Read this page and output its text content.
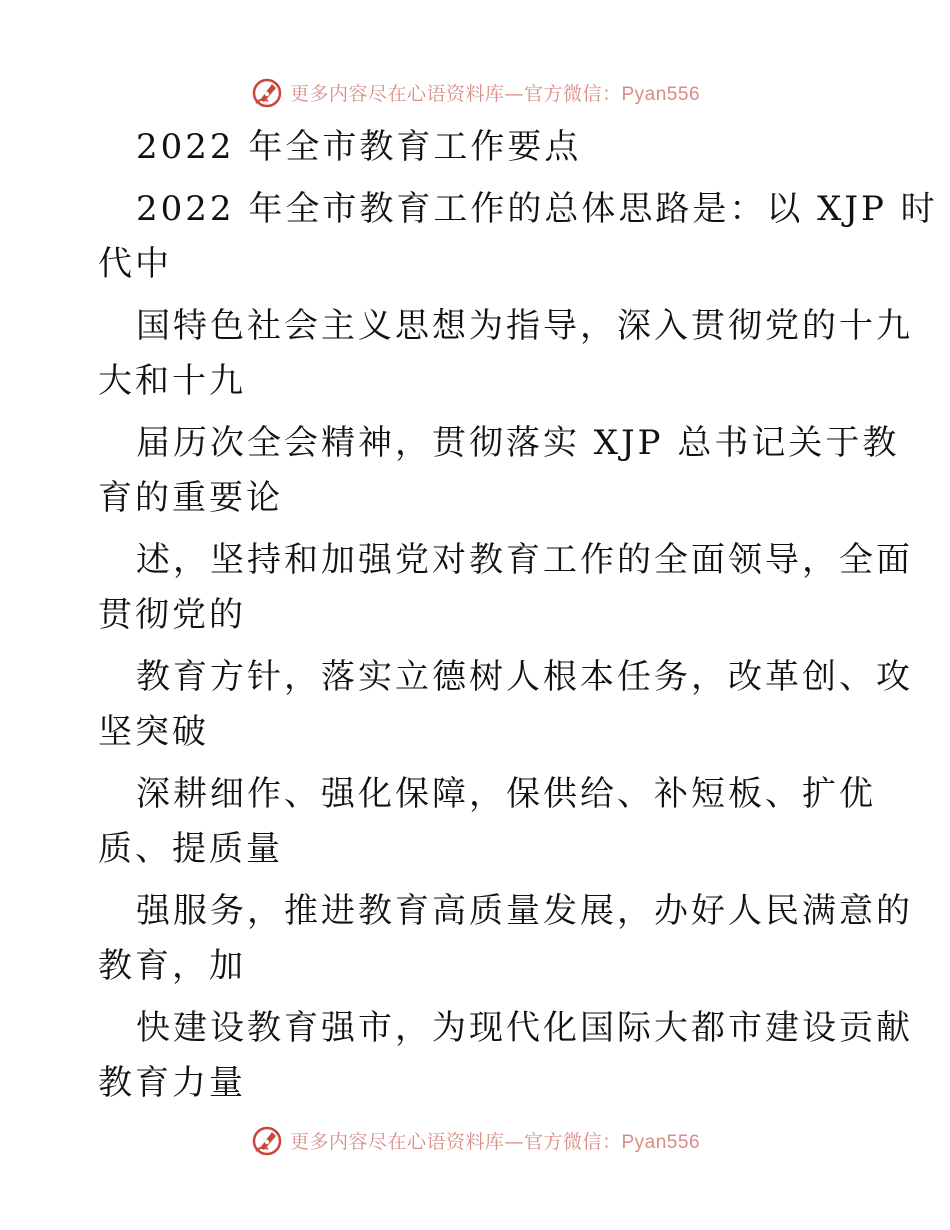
更多内容尽在心语资料库—官方微信：Pyan556
2022 年全市教育工作要点
2022 年全市教育工作的总体思路是：以 XJP 时
代中
国特色社会主义思想为指导，深入贯彻党的十九
大和十九
届历次全会精神，贯彻落实 XJP 总书记关于教
育的重要论
述，坚持和加强党对教育工作的全面领导，全面
贯彻党的
教育方针，落实立德树人根本任务，改革创、攻
坚突破
深耕细作、强化保障，保供给、补短板、扩优
质、提质量
强服务，推进教育高质量发展，办好人民满意的
教育，加
快建设教育强市，为现代化国际大都市建设贡献
教育力量
更多内容尽在心语资料库—官方微信：Pyan556
